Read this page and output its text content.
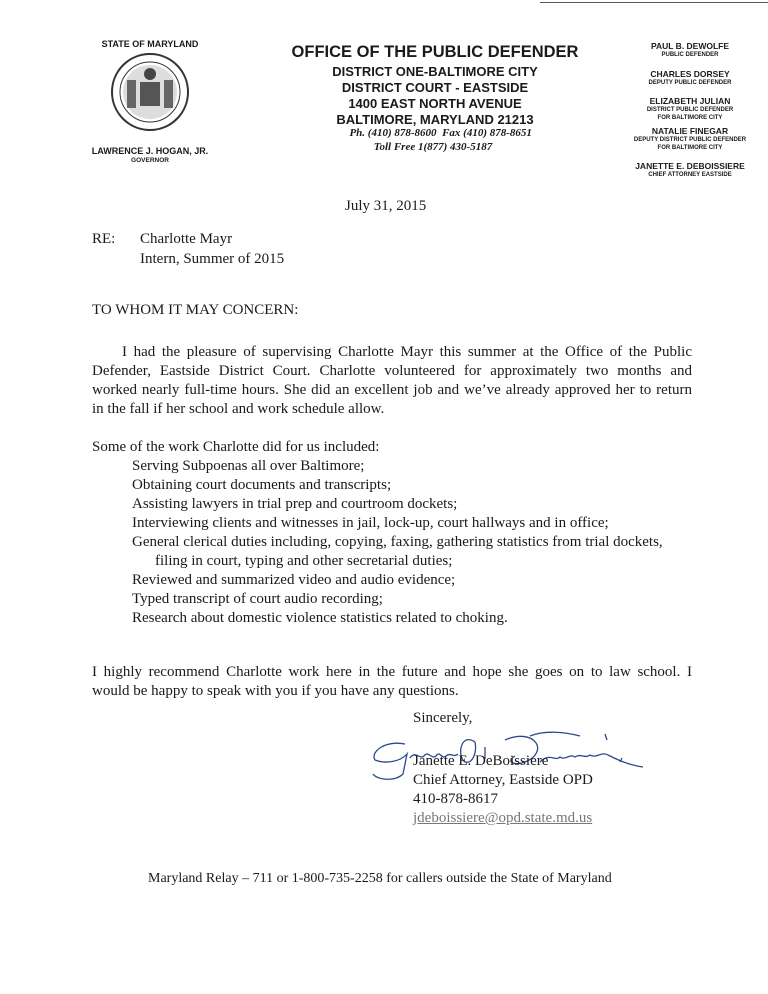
STATE OF MARYLAND
LAWRENCE J. HOGAN, JR.
GOVERNOR
OFFICE OF THE PUBLIC DEFENDER
DISTRICT ONE-BALTIMORE CITY
DISTRICT COURT - EASTSIDE
1400 EAST NORTH AVENUE
BALTIMORE, MARYLAND 21213
Ph. (410) 878-8600 Fax (410) 878-8651
Toll Free 1(877) 430-5187
PAUL B. DEWOLFE
PUBLIC DEFENDER
CHARLES DORSEY
DEPUTY PUBLIC DEFENDER
ELIZABETH JULIAN
DISTRICT PUBLIC DEFENDER
FOR BALTIMORE CITY
NATALIE FINEGAR
DEPUTY DISTRICT PUBLIC DEFENDER
FOR BALTIMORE CITY
JANETTE E. DEBOISSIERE
CHIEF ATTORNEY EASTSIDE
July 31, 2015
RE: Charlotte Mayr
Intern, Summer of 2015
TO WHOM IT MAY CONCERN:
I had the pleasure of supervising Charlotte Mayr this summer at the Office of the Public
Defender, Eastside District Court. Charlotte volunteered for approximately two months and
worked nearly full-time hours. She did an excellent job and we’ve already approved her to return
in the fall if her school and work schedule allow.
Some of the work Charlotte did for us included:
Serving Subpoenas all over Baltimore;
Obtaining court documents and transcripts;
Assisting lawyers in trial prep and courtroom dockets;
Interviewing clients and witnesses in jail, lock-up, court hallways and in office;
General clerical duties including, copying, faxing, gathering statistics from trial dockets,
filing in court, typing and other secretarial duties;
Reviewed and summarized video and audio evidence;
Typed transcript of court audio recording;
Research about domestic violence statistics related to choking.
I highly recommend Charlotte work here in the future and hope she goes on to law school. I
would be happy to speak with you if you have any questions.
Sincerely,
Janette E. DeBoissiere
Chief Attorney, Eastside OPD
410-878-8617
jdeboissiere@opd.state.md.us
Maryland Relay – 711 or 1-800-735-2258 for callers outside the State of Maryland
